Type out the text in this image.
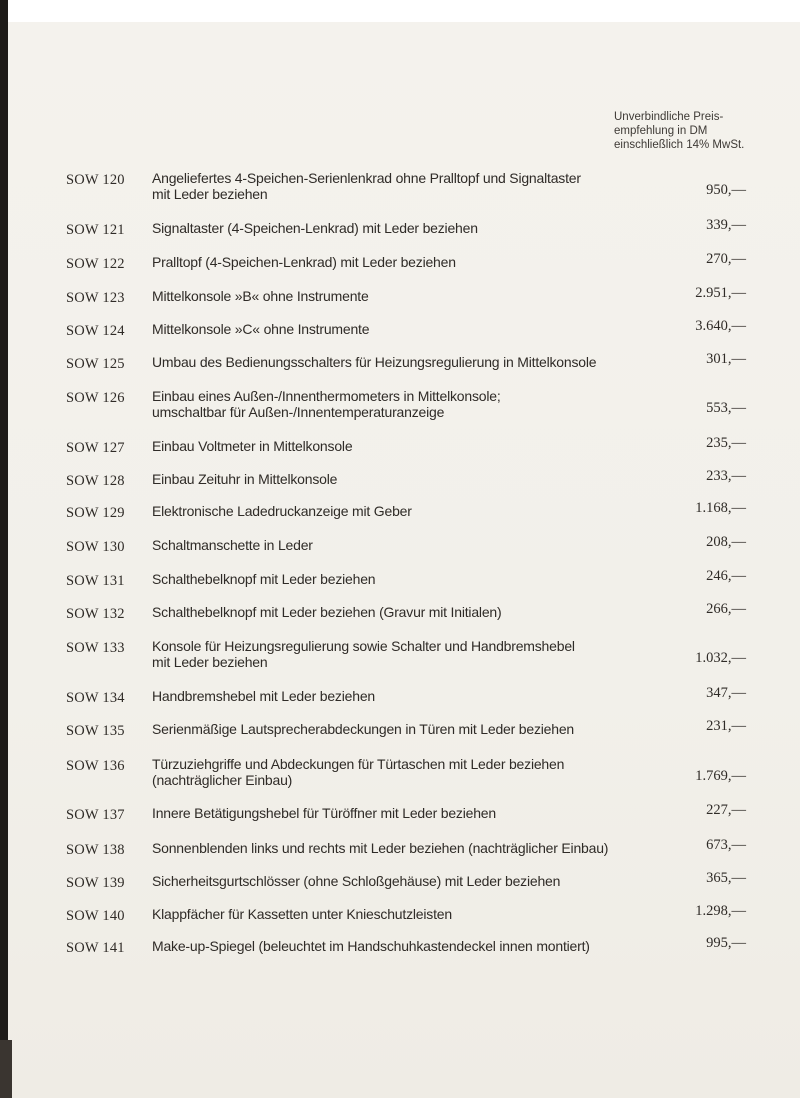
Unverbindliche Preis-
empfehlung in DM
einschließlich 14% MwSt.
SOW 120 Angeliefertes 4-Speichen-Serienlenkrad ohne Pralltopf und Signaltaster
mit Leder beziehen	950,—
SOW 121 Signaltaster (4-Speichen-Lenkrad) mit Leder beziehen	339,—
SOW 122 Pralltopf (4-Speichen-Lenkrad) mit Leder beziehen	270,—
SOW 123 Mittelkonsole »B« ohne Instrumente	2.951,—
SOW 124 Mittelkonsole »C« ohne Instrumente	3.640,—
SOW 125 Umbau des Bedienungsschalters für Heizungsregulierung in Mittelkonsole	301,—
SOW 126 Einbau eines Außen-/Innenthermometers in Mittelkonsole;
umschaltbar für Außen-/Innentemperaturanzeige	553,—
SOW 127 Einbau Voltmeter in Mittelkonsole	235,—
SOW 128 Einbau Zeituhr in Mittelkonsole	233,—
SOW 129 Elektronische Ladedruckanzeige mit Geber	1.168,—
SOW 130 Schaltmanschette in Leder	208,—
SOW 131 Schalthebelknopf mit Leder beziehen	246,—
SOW 132 Schalthebelknopf mit Leder beziehen (Gravur mit Initialen)	266,—
SOW 133 Konsole für Heizungsregulierung sowie Schalter und Handbremshebel
mit Leder beziehen	1.032,—
SOW 134 Handbremshebel mit Leder beziehen	347,—
SOW 135 Serienmäßige Lautsprecherabdeckungen in Türen mit Leder beziehen	231,—
SOW 136 Türzuziehgriffe und Abdeckungen für Türtaschen mit Leder beziehen
(nachträglicher Einbau)	1.769,—
SOW 137 Innere Betätigungshebel für Türöffner mit Leder beziehen	227,—
SOW 138 Sonnenblenden links und rechts mit Leder beziehen (nachträglicher Einbau)	673,—
SOW 139 Sicherheitsgurtschlösser (ohne Schloßgehäuse) mit Leder beziehen	365,—
SOW 140 Klappfächer für Kassetten unter Knieschutzleisten	1.298,—
SOW 141 Make-up-Spiegel (beleuchtet im Handschuhkastendeckel innen montiert)	995,—
